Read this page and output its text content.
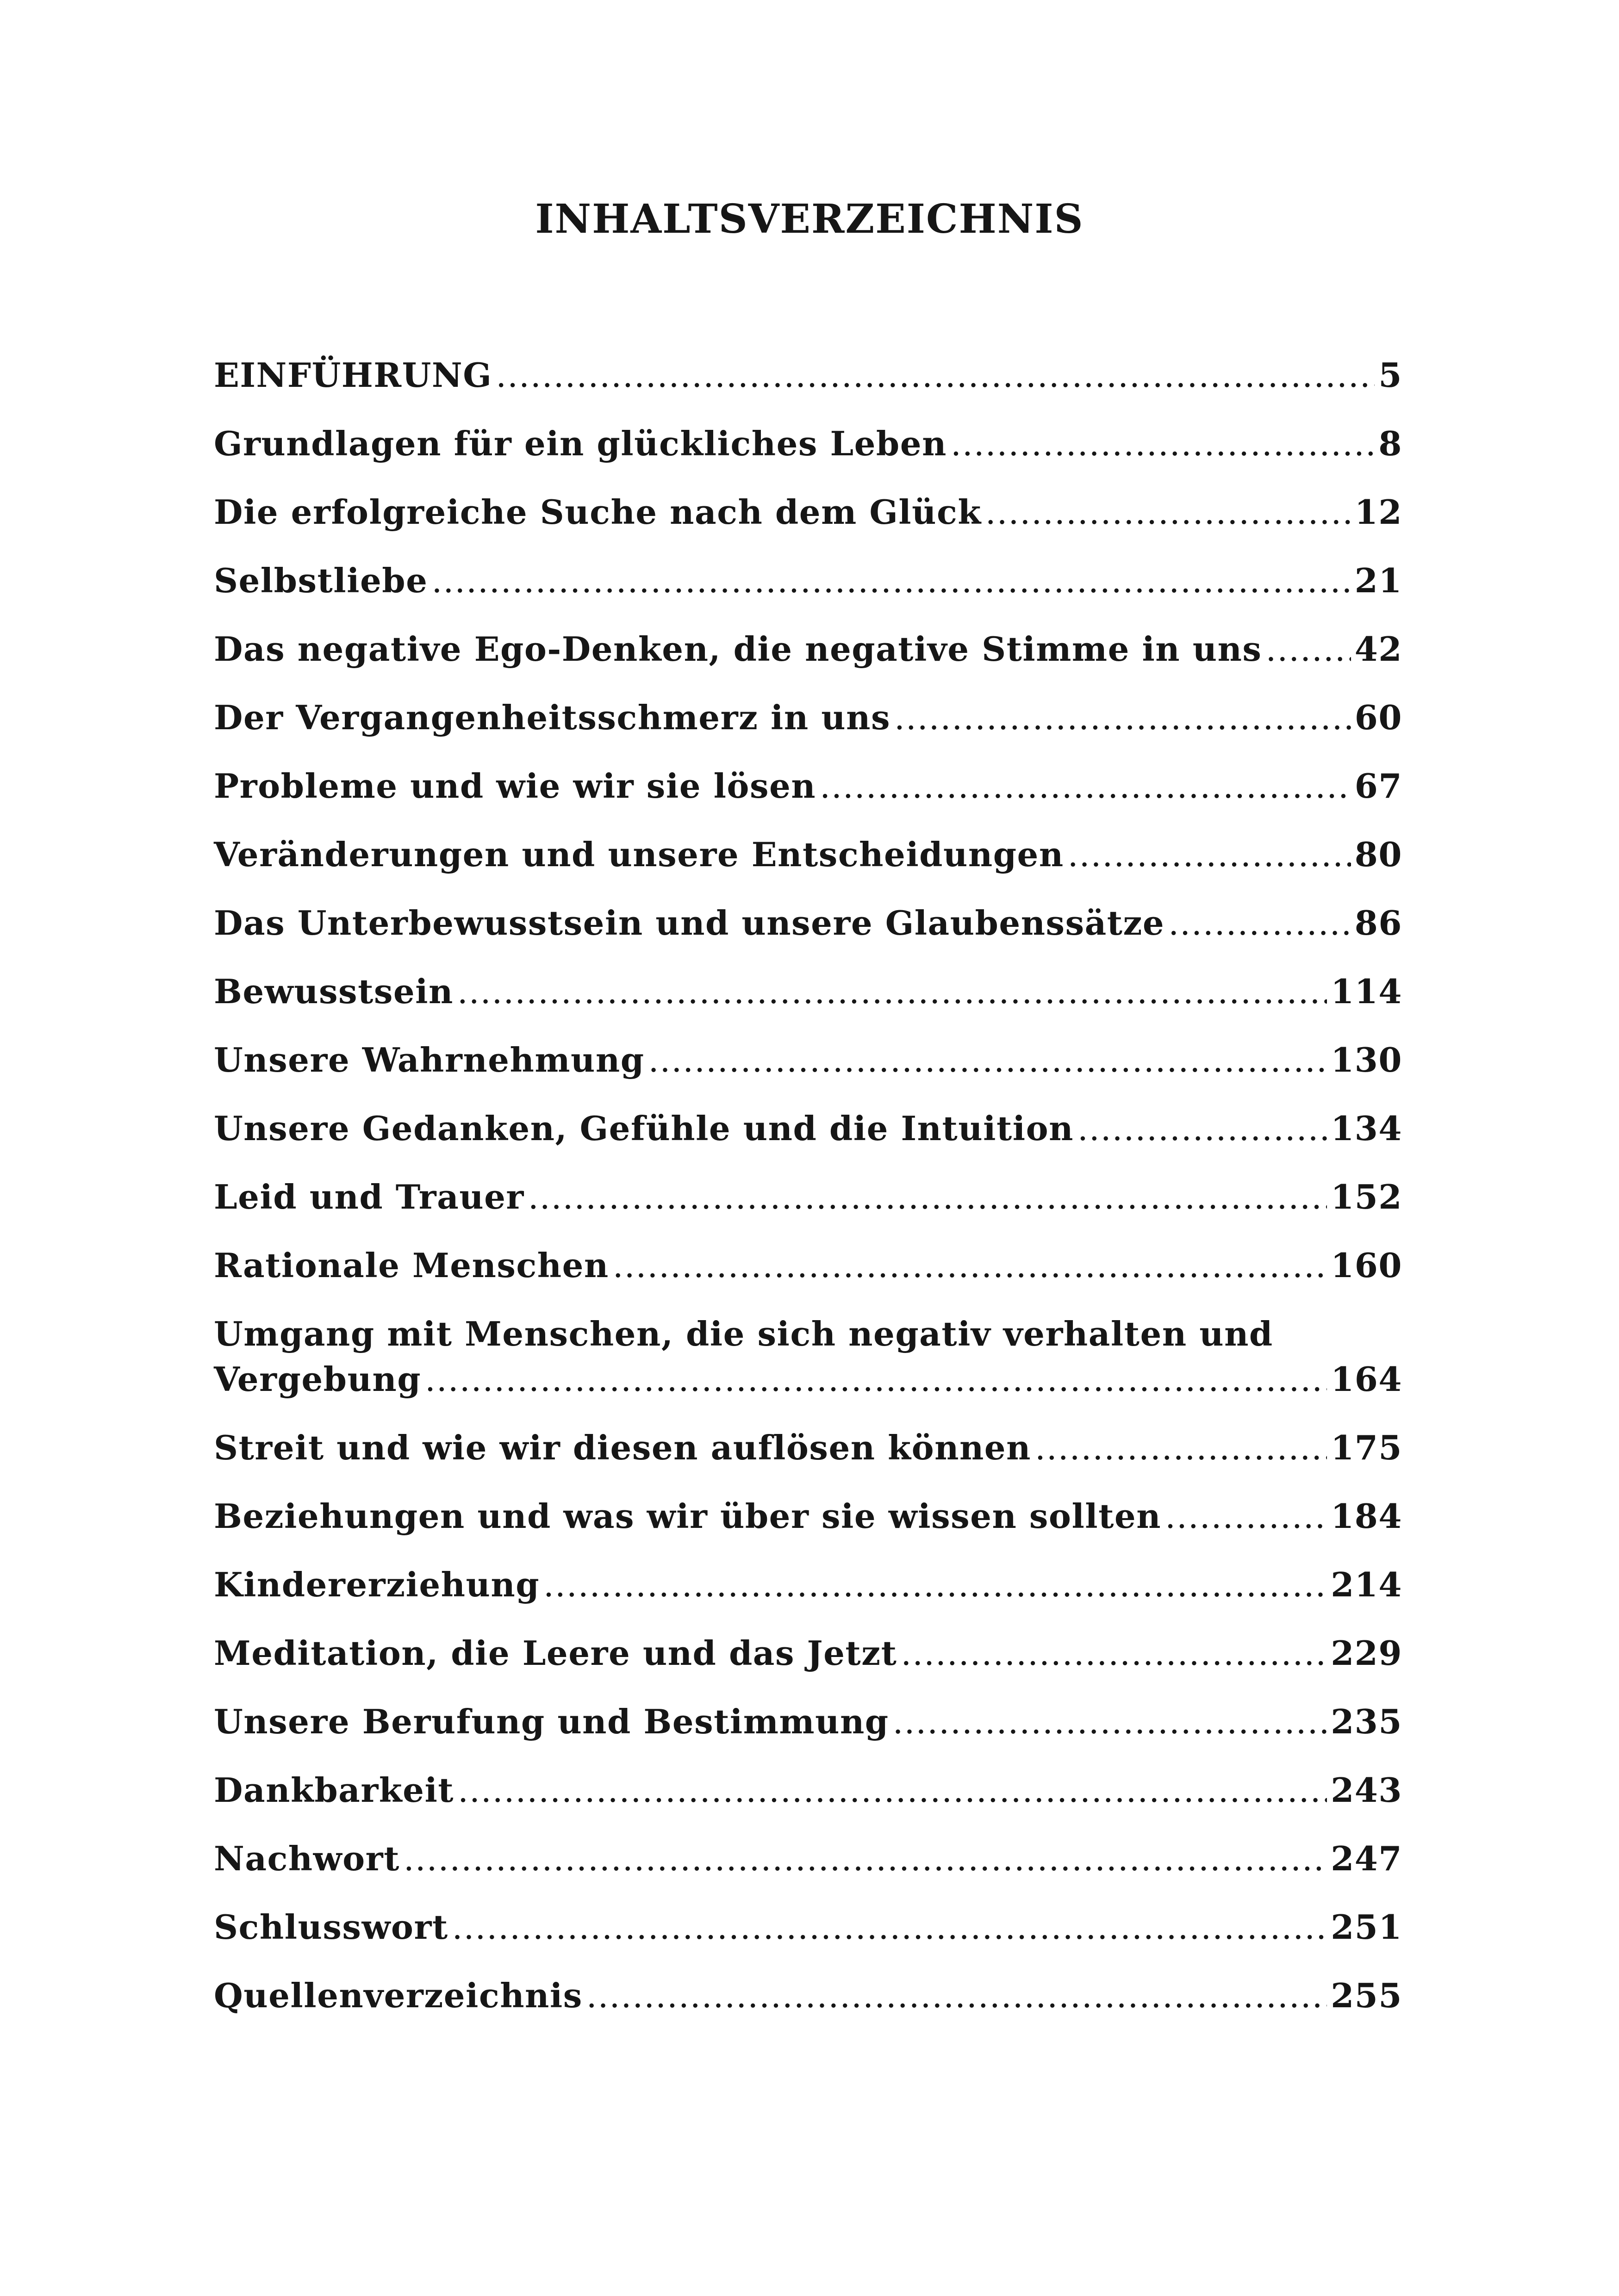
INHALTSVERZEICHNIS
EINFÜHRUNG .....	5
Grundlagen für ein glückliches Leben .....	8
Die erfolgreiche Suche nach dem Glück .....	12
Selbstliebe .....	21
Das negative Ego-Denken, die negative Stimme in uns .....	42
Der Vergangenheitsschmerz in uns .....	60
Probleme und wie wir sie lösen .....	67
Veränderungen und unsere Entscheidungen .....	80
Das Unterbewusstsein und unsere Glaubenssätze .....	86
Bewusstsein .....	114
Unsere Wahrnehmung .....	130
Unsere Gedanken, Gefühle und die Intuition .....	134
Leid und Trauer .....	152
Rationale Menschen .....	160
Umgang mit Menschen, die sich negativ verhalten und
Vergebung .....	164
Streit und wie wir diesen auflösen können .....	175
Beziehungen und was wir über sie wissen sollten .....	184
Kindererziehung .....	214
Meditation, die Leere und das Jetzt .....	229
Unsere Berufung und Bestimmung .....	235
Dankbarkeit .....	243
Nachwort .....	247
Schlusswort .....	251
Quellenverzeichnis .....	255
